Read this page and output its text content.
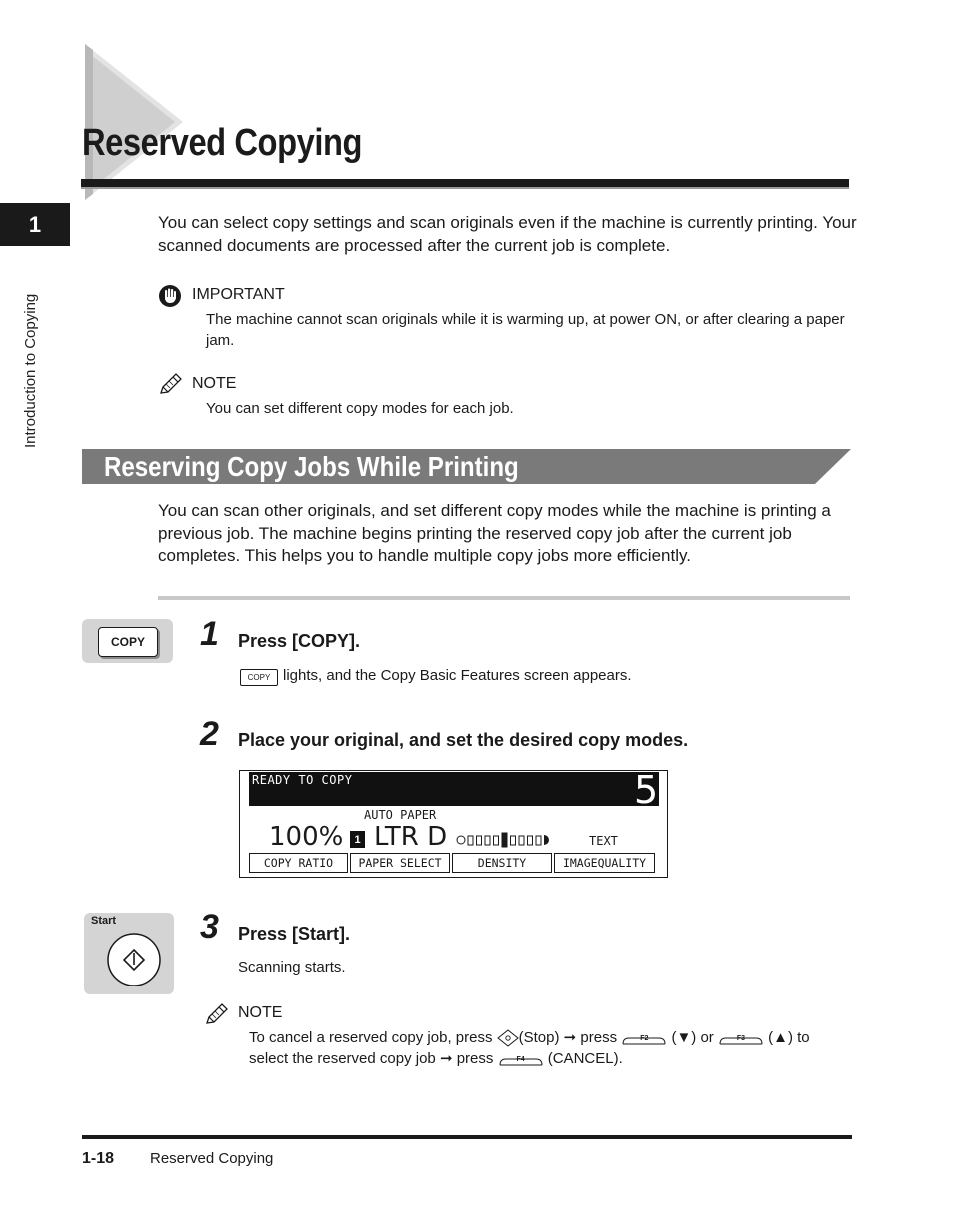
Reserved Copying
1
Introduction to Copying
You can select copy settings and scan originals even if the machine is currently printing. Your scanned documents are processed after the current job is complete.
IMPORTANT
The machine cannot scan originals while it is warming up, at power ON, or after clearing a paper jam.
NOTE
You can set different copy modes for each job.
Reserving Copy Jobs While Printing
You can scan other originals, and set different copy modes while the machine is printing a previous job. The machine begins printing the reserved copy job after the current job completes. This helps you to handle multiple copy jobs more efficiently.
COPY	1 Press [COPY].
COPY lights, and the Copy Basic Features screen appears.
2 Place your original, and set the desired copy modes.
READY TO COPY	5
AUTO PAPER
100%	1 LTR D	TEXT
COPY RATIO	PAPER SELECT	DENSITY	IMAGEQUALITY
Start 3 Press [Start].
Scanning starts.
NOTE
To cancel a reserved copy job, press (Stop) ➞ press	F2	(▼) or	F3	(▲) to
select the reserved copy job ➞ press	F4	(CANCEL).
1-18 Reserved Copying
